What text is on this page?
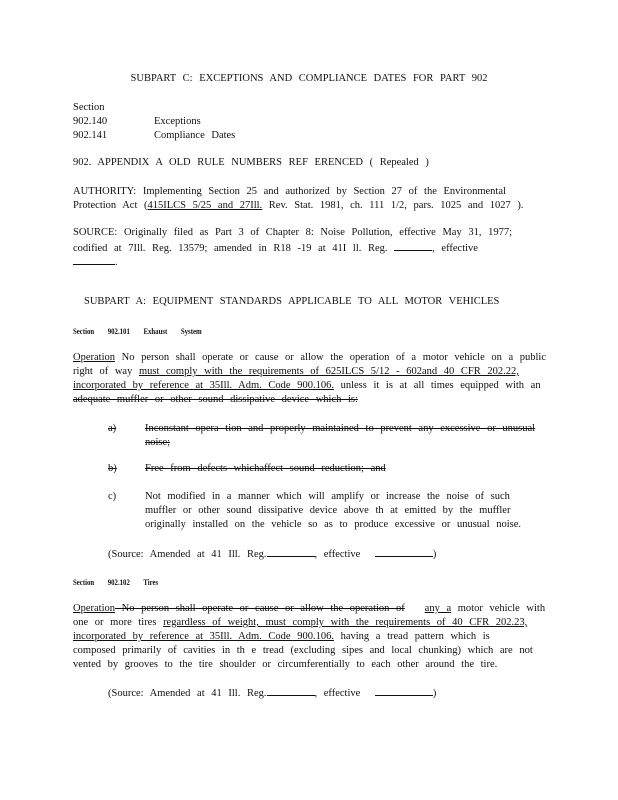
SUBPART C: EXCEPTIONS AND COMPLIANCE DATES FOR PART 902
Section
902.140	Exceptions
902.141	Compliance Dates
902. APPENDIX A OLD RULE NUMBERS REF ERENCED ( Repealed )
AUTHORITY: Implementing Section 25 and authorized by Section 27 of the Environmental
Protection Act (415ILCS 5/25 and 27Ill. Rev. Stat. 1981, ch. 111 1/2, pars. 1025 and 1027 ).
SOURCE: Originally filed as Part 3 of Chapter 8: Noise Pollution, effective May 31, 1977;
codified at 7Ill. Reg. 13579; amended in R18 -19 at 41I ll. Reg.	, effective
.
SUBPART A: EQUIPMENT STANDARDS APPLICABLE TO ALL MOTOR VEHICLES
Section 902.101 Exhaust System
Operation No person shall operate or cause or allow the operation of a motor vehicle on a public
right of way must comply with the requirements of 625ILCS 5/12 - 602and 40 CFR 202.22,
incorporated by reference at 35Ill. Adm. Code 900.106. unless it is at all times equipped with an
adequate muffler or other sound dissipative device which is:
a)	Inconstant opera tion and properly maintained to prevent any excessive or unusual
noise;
b)	Free from defects whichaffect sound reduction; and
c)	Not modified in a manner which will amplify or increase the noise of such
muffler or other sound dissipative device above th at emitted by the muffler
originally installed on the vehicle so as to produce excessive or unusual noise.
(Source: Amended at 41 Ill. Reg.	, effective	)
Section 902.102 Tires
Operation No person shall operate or cause or allow the operation of any a motor vehicle with
one or more tires regardless of weight, must comply with the requirements of 40 CFR 202.23,
incorporated by reference at 35Ill. Adm. Code 900.106. having a tread pattern which is
composed primarily of cavities in th e tread (excluding sipes and local chunking) which are not
vented by grooves to the tire shoulder or circumferentially to each other around the tire.
(Source: Amended at 41 Ill. Reg.	, effective	)
